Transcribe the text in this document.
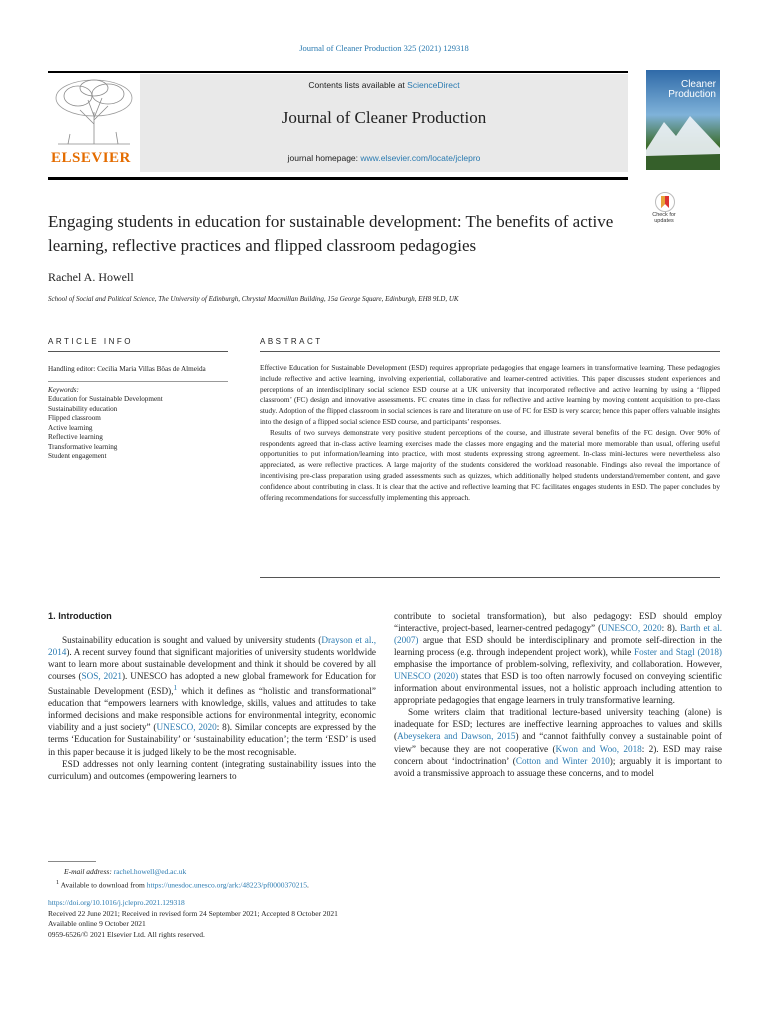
Journal of Cleaner Production 325 (2021) 129318
ELSEVIER
Contents lists available at ScienceDirect
Journal of Cleaner Production
journal homepage: www.elsevier.com/locate/jclepro
Cleaner
Production
Engaging students in education for sustainable development: The benefits of active learning, reflective practices and flipped classroom pedagogies
Check for
updates
Rachel A. Howell
School of Social and Political Science, The University of Edinburgh, Chrystal Macmillan Building, 15a George Square, Edinburgh, EH8 9LD, UK
ARTICLE INFO	ABSTRACT
Handling editor: Cecilia Maria Villas Bôas de Almeida
Keywords:
Education for Sustainable Development
Sustainability education
Flipped classroom
Active learning
Reflective learning
Transformative learning
Student engagement

Effective Education for Sustainable Development (ESD) requires appropriate pedagogies that engage learners in transformative learning. These pedagogies include reflective and active learning, involving experiential, collaborative and learner-centred activities. This paper discusses student experiences and perceptions of an interdisciplinary social science ESD course at a UK university that incorporated reflective and active learning by using a ‘flipped classroom’ (FC) design and innovative assessments. FC creates time in class for reflective and active learning by moving content acquisition to pre-class study. Adoption of the flipped classroom in social sciences is rare and literature on use of FC for ESD is very scarce; hence this paper offers valuable insights into the design of a flipped social science ESD course, and participants’ responses.

Results of two surveys demonstrate very positive student perceptions of the course, and illustrate several benefits of the FC design. Over 90% of respondents agreed that in-class active learning exercises made the classes more engaging and the material more memorable than usual, offering useful opportunities to put information/learning into practice, with most students expressing strong agreement. In-class mini-lectures were nevertheless also appreciated, as were reflective practices. A large majority of the students considered the workload reasonable. Findings also reveal the importance of incentivising pre-class preparation using graded assessments such as quizzes, which additionally helped students understand/remember content, and gave confidence about contributing in class. It is clear that the active and reflective learning that FC facilitates engages students in ESD. The paper concludes by offering recommendations for successfully implementing this approach.

1. Introduction

Sustainability education is sought and valued by university students (Drayson et al., 2014). A recent survey found that significant majorities of university students worldwide want to learn more about sustainable development and think it should be covered by all courses (SOS, 2021). UNESCO has adopted a new global framework for Education for Sustainable Development (ESD),$^1$ which it defines as “holistic and transformational” education that “empowers learners with knowledge, skills, values and attitudes to take informed decisions and make responsible actions for environmental integrity, economic viability and a just society” (UNESCO, 2020: 8). Similar concepts are expressed by the terms ‘Education for Sustainability’ or ‘sustainability education’; the term ‘ESD’ is used in this paper because it is judged likely to be the most recognisable.

ESD addresses not only learning content (integrating sustainability issues into the curriculum) and outcomes (empowering learners to

contribute to societal transformation), but also pedagogy: ESD should employ “interactive, project-based, learner-centred pedagogy” (UNESCO, 2020: 8). Barth et al. (2007) argue that ESD should be interdisciplinary and promote self-direction in the learning process (e.g. through independent project work), while Foster and Stagl (2018) emphasise the importance of problem-solving, reflexivity, and collaboration. However, UNESCO (2020) states that ESD is too often narrowly focused on conveying scientific information about environmental issues, not a holistic approach including attention to appropriate pedagogies that engage learners in truly transformative learning.

Some writers claim that traditional lecture-based university teaching (alone) is inadequate for ESD; lectures are ineffective learning approaches to values and skills (Abeysekera and Dawson, 2015) and “cannot faithfully convey a sustainable point of view” because they are not cooperative (Kwon and Woo, 2018: 2). ESD may raise concern about ‘indoctrination’ (Cotton and Winter 2010); arguably it is important to avoid a transmissive approach to assuage these concerns, and to model

E-mail address: rachel.howell@ed.ac.uk
$^1$ Available to download from https://unesdoc.unesco.org/ark:/48223/pf0000370215.
https://doi.org/10.1016/j.jclepro.2021.129318
Received 22 June 2021; Received in revised form 24 September 2021; Accepted 8 October 2021
Available online 9 October 2021
0959-6526/© 2021 Elsevier Ltd. All rights reserved.
